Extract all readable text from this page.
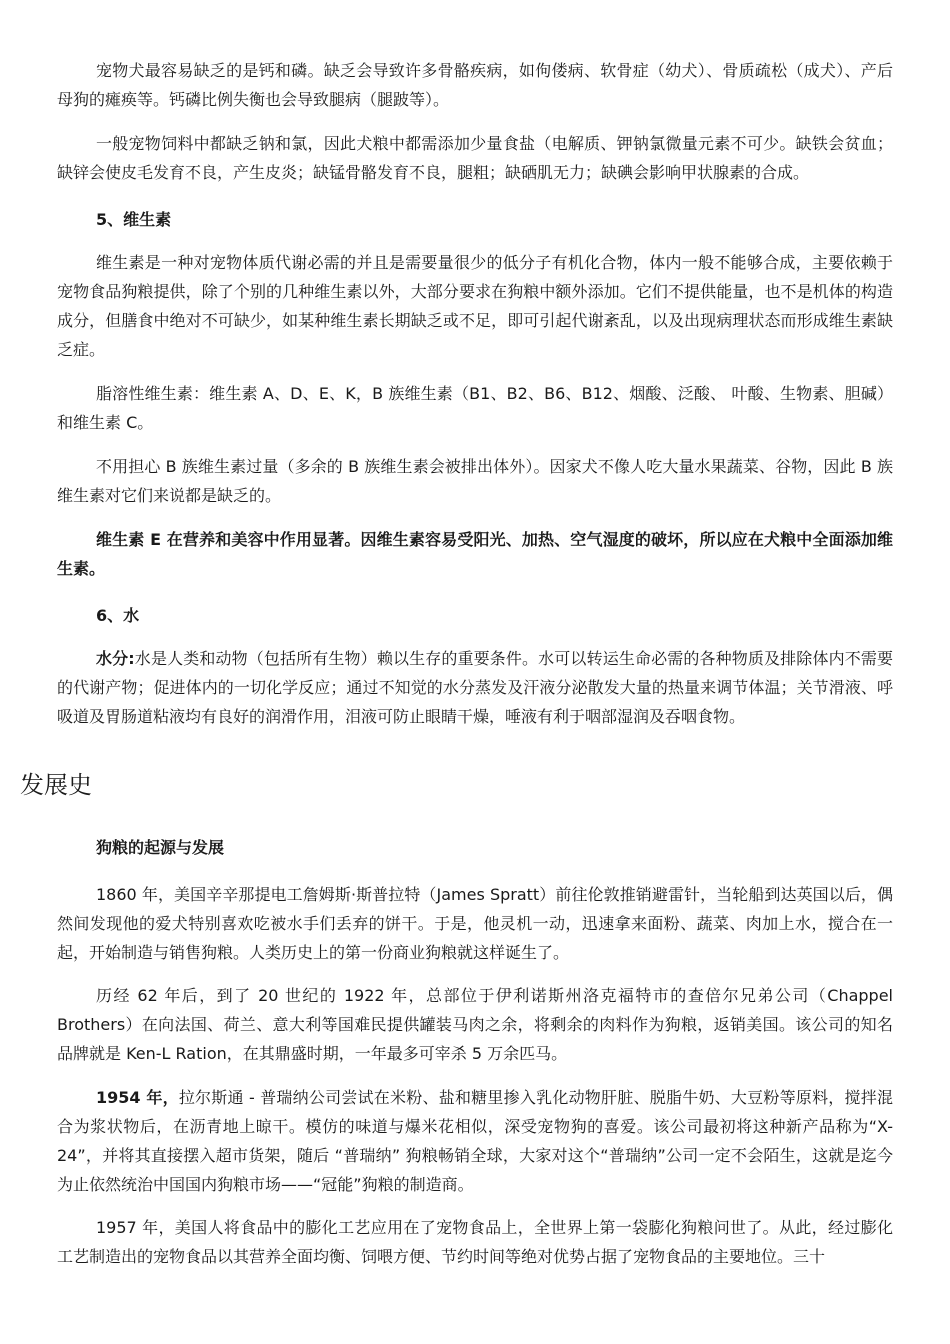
宠物犬最容易缺乏的是钙和磷。缺乏会导致许多骨骼疾病，如佝偻病、软骨症（幼犬）、骨质疏松（成犬）、产后母狗的瘫痪等。钙磷比例失衡也会导致腿病（腿跛等）。

一般宠物饲料中都缺乏钠和氯，因此犬粮中都需添加少量食盐（电解质、钾钠氯微量元素不可少。缺铁会贫血；缺锌会使皮毛发育不良，产生皮炎；缺锰骨骼发育不良，腿粗；缺硒肌无力；缺碘会影响甲状腺素的合成。

5、维生素

维生素是一种对宠物体质代谢必需的并且是需要量很少的低分子有机化合物，体内一般不能够合成，主要依赖于宠物食品狗粮提供，除了个别的几种维生素以外，大部分要求在狗粮中额外添加。它们不提供能量，也不是机体的构造成分，但膳食中绝对不可缺少，如某种维生素长期缺乏或不足，即可引起代谢紊乱，以及出现病理状态而形成维生素缺乏症。

脂溶性维生素：维生素 A、D、E、K，B 族维生素（B1、B2、B6、B12、烟酸、泛酸、 叶酸、生物素、胆碱）和维生素 C。

不用担心 B 族维生素过量（多余的 B 族维生素会被排出体外）。因家犬不像人吃大量水果蔬菜、谷物，因此 B 族维生素对它们来说都是缺乏的。

维生素 E 在营养和美容中作用显著。因维生素容易受阳光、加热、空气湿度的破坏，所以应在犬粮中全面添加维生素。

6、水

水分:水是人类和动物（包括所有生物）赖以生存的重要条件。水可以转运生命必需的各种物质及排除体内不需要的代谢产物；促进体内的一切化学反应；通过不知觉的水分蒸发及汗液分泌散发大量的热量来调节体温；关节滑液、呼吸道及胃肠道粘液均有良好的润滑作用，泪液可防止眼睛干燥，唾液有利于咽部湿润及吞咽食物。

发展史
狗粮的起源与发展

1860 年，美国辛辛那提电工詹姆斯·斯普拉特（James Spratt）前往伦敦推销避雷针，当轮船到达英国以后，偶然间发现他的爱犬特别喜欢吃被水手们丢弃的饼干。于是，他灵机一动，迅速拿来面粉、蔬菜、肉加上水，搅合在一起，开始制造与销售狗粮。人类历史上的第一份商业狗粮就这样诞生了。

历经 62 年后，到了 20 世纪的 1922 年，总部位于伊利诺斯州洛克福特市的查倍尔兄弟公司（Chappel Brothers）在向法国、荷兰、意大利等国难民提供罐装马肉之余，将剩余的肉料作为狗粮，返销美国。该公司的知名品牌就是 Ken-L Ration，在其鼎盛时期，一年最多可宰杀 5 万余匹马。

1954 年，拉尔斯通 - 普瑞纳公司尝试在米粉、盐和糖里掺入乳化动物肝脏、脱脂牛奶、大豆粉等原料，搅拌混合为浆状物后，在沥青地上晾干。模仿的味道与爆米花相似，深受宠物狗的喜爱。该公司最初将这种新产品称为“X-24”，并将其直接摆入超市货架，随后 “普瑞纳” 狗粮畅销全球，大家对这个“普瑞纳”公司一定不会陌生，这就是迄今为止依然统治中国国内狗粮市场——“冠能”狗粮的制造商。

1957 年，美国人将食品中的膨化工艺应用在了宠物食品上，全世界上第一袋膨化狗粮问世了。从此，经过膨化工艺制造出的宠物食品以其营养全面均衡、饲喂方便、节约时间等绝对优势占据了宠物食品的主要地位。三十
